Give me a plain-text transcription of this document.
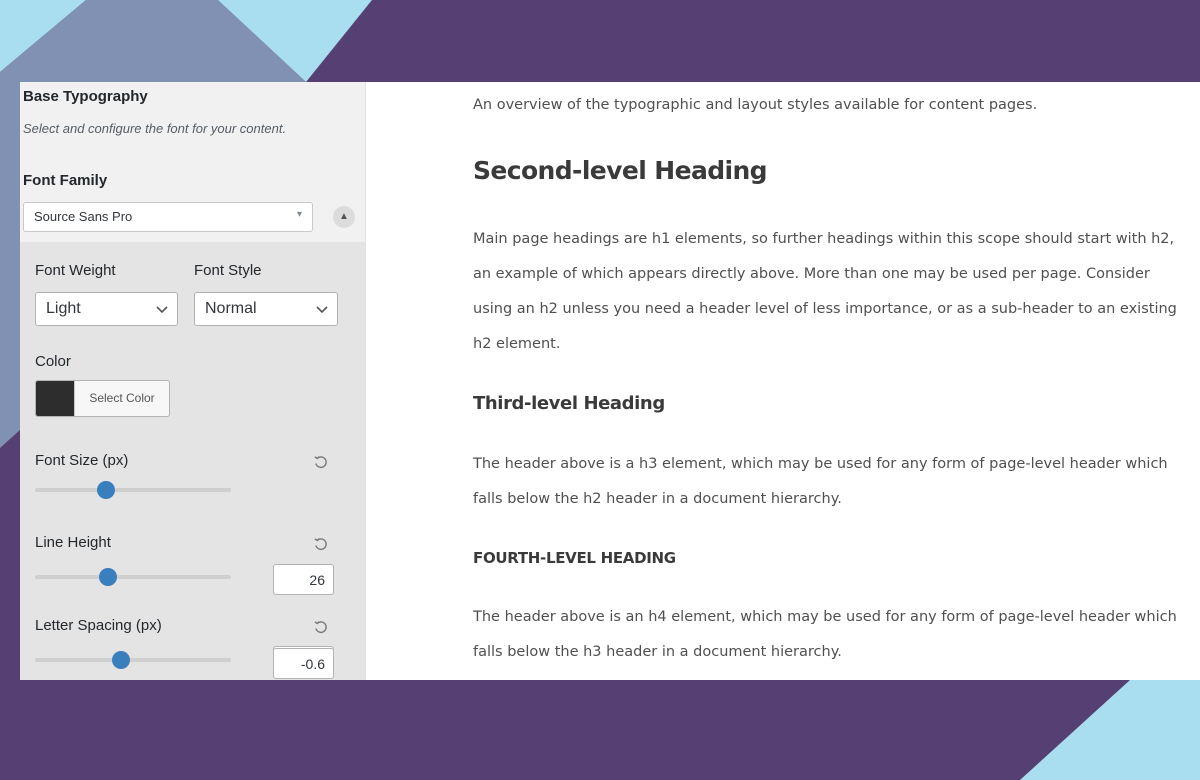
Base Typography
Select and configure the font for your content.
Font Family
Source Sans Pro	▾	▲
Font Weight	Font Style
Light	Normal
Color
Select Color
Font Size (px)
26
Line Height
1.1
Letter Spacing (px)
-0.6
An overview of the typographic and layout styles available for content pages.
Second-level Heading

Main page headings are h1 elements, so further headings within this scope should start with h2, an example of which appears directly above. More than one may be used per page. Consider using an h2 unless you need a header level of less importance, or as a sub-header to an existing h2 element.

Third-level Heading

The header above is a h3 element, which may be used for any form of page-level header which falls below the h2 header in a document hierarchy.

FOURTH-LEVEL HEADING

The header above is an h4 element, which may be used for any form of page-level header which falls below the h3 header in a document hierarchy.
